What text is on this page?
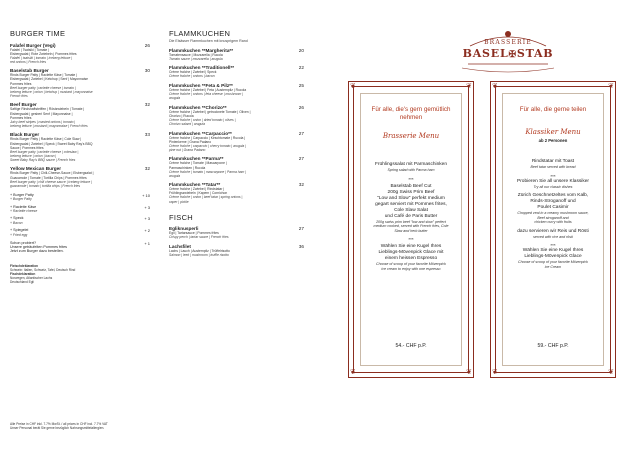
BURGER TIME
Falafel Burger (Vegi)	26
Falafel | Tsatsiki | Tomate |
Eisbergsalat | Rote Zwiebeln | Pommes frites
Falafel | tsatsiki | tomato | iceberg lettuce |
red onions | French fries
Baselstab Burger	30
Rinds Burger Patty | Raclette Käse | Tomate |
Eisbergsalat | Zwiebel | Ketchup | Senf | Mayonnaise
Pommes frites
Beef burger patty | raclette cheese | tomato |
iceberg lettuce | onion | ketchup | mustard | mayonnaise
French fries
Beef Burger	32
Saftige Rindshaftsteiffen | Röstzwiebeln | Tomate |
Eisbergsalat | gesberi Senf | Mayonnaise |
Pommes frites
Juicy beef stripes | roasted onions | tomato |
iceberg lettuce | mustard | mayonnaise | French fries
Black Burger	33
Rinds Burger Patty | Raclette Käse | Cole Slaw |
Eisbergsalat | Zwiebel | Speck | Sweet Baby Ray's BBQ
Sauce | Pommes frites
Beef burger patty | raclette cheese | coleslaw |
iceberg lettuce | onion | bacon |
Sweet Baby Ray's BBQ sauce | French fries
Yellow Mexican Burger	32
Rinds Burger Patty | Chili-Cheese-Sauce | Eisbergsalat |
Guacamole | Tomate | Tortilla Chips | Pommes frites
Beef burger patty | chili cheese sauce | iceberg lettuce |
guacamole | tomato | tortilla chips | French fries
+ Burger Patty
+ Burger Patty
+ 10
+ Raclette Käse
+ Raclette cheese
+ 3
+ Speck
+ Bacon
+ 3
+ Spiegelei
+ Fried egg
+ 2
Schon probiert?	+ 1
Unsere geträufelten Pommes frites
Jetzt zum Burger dazu bestellen.
Fleischdeklaration
Schwein: Italien, Schweiz, Tafel, Deutsch Rind
Fischdeklaration
Norwegen, Atlantischer Lachs
Deutschland Egli
Alle Preise in CHF inkl. 7.7% MwSt. / all prices in CHF incl. 7.7% VAT
Unser Personal berät Sie gerne bezüglich Nahrungsmittelallergien.
FLAMMKUCHEN
Die Elsässer Flammkuchen mit knusprigem Rand
Flammkuchen **Margherita**	20
Tomatensauce | Mozzarella | Rucola
Tomato sauce | mozzarella | arugula
Flammkuchen **Traditionell**	22
Crème fraîche | Zwiebel | Speck
Crème fraîche | onions | bacon
Flammkuchen **Feta & Pilz**	25
Crème fraîche | Zwiebel | Feta | Austernpilz | Rucola
Crème fraîche | onions | feta cheese | mushroom |
arugula
Flammkuchen **Chorizo**	26
Crème fraîche | Zwiebel | getrocknete Tomate | Oliven |
Chorizo | Rucola
Crème fraîche | onion | dried tomato | olives |
Chorizo salami | arugula
Flammkuchen **Carpaccio**	27
Crème fraîche | Carpaccio | Kirschtomate | Rucola |
Pinienkerne | Grana Padano
Crème fraîche | carpaccio | cherry tomato | arugula |
pine nut | Grana Padano
Flammkuchen **Parma**	27
Crème fraîche | Tomate | Mascarpone |
Parmaschinken | Rucola
Crème fraîche | tomato | mascarpone | Parma ham |
arugula
Flammkuchen **Tatar**	32
Crème fraîche | Zwiebel | Rindstatar |
Frühlingszwiebeln | Kapern | Cornichon
Crème fraîche | onion | beef tatar | spring onions |
caper | pickle
FISCH
Egliknusperli	27
Egli | Tartarsauce | Pommes frites
Crispy perch | tartar sauce | French fries
Lachsfilet	36
Lachs | Lauch | Austernpilz | Trüffelrisotto
Salmon | leek | mushroom | truffle risotto
BRASSERIE
BASEL✠STAB
❦	❦
❦	❦
Für alle, die's gern gemütlich
nehmen
Brasserie Menu
Frühlingssalat mit Parmaschinken
Spring salad with Parma ham
***
Baselstab Beef Cut
200g Swiss Prim Beef
"Low and Slow" perfekt medium
gegart serviert mit Pommes frites,
Cole Slaw Salat
und Café de Paris Butter
200g swiss prim beef "low and slow" perfect
medium cooked, served with French fries, Cole
Slaw and herb butter
***
Wählen Sie eine Kugel Ihres
Lieblings-Mövenpick Glace mit
einem heissen Espresso
Choose of scoop of your favorite Mövenpick
ice cream to enjoy with one espresso
54.- CHF p.P.
❦	❦
❦	❦
Für alle, die gerne teilen
Klassiker Menu
ab 2 Personen
Rindstatar mit Toast
Beef tatar served with bread
***
Probieren Sie all unsere Klassiker
Try all our classic dishes
Zürich Geschnetzeltes vom Kalb,
Rinds-Stroganoff und
Poulet Casimir
Chopped veal in a creamy mushroom sauce,
Beef stroganoff and
chicken curry with fruits
dazu servieren wir Reis und Rösti
served with rice and rösti
***
Wählen Sie eine Kugel Ihres
Lieblings-Mövenpick Glace
Choose of scoop of your favorite Mövenpick
ice Cream
59.- CHF p.P.
